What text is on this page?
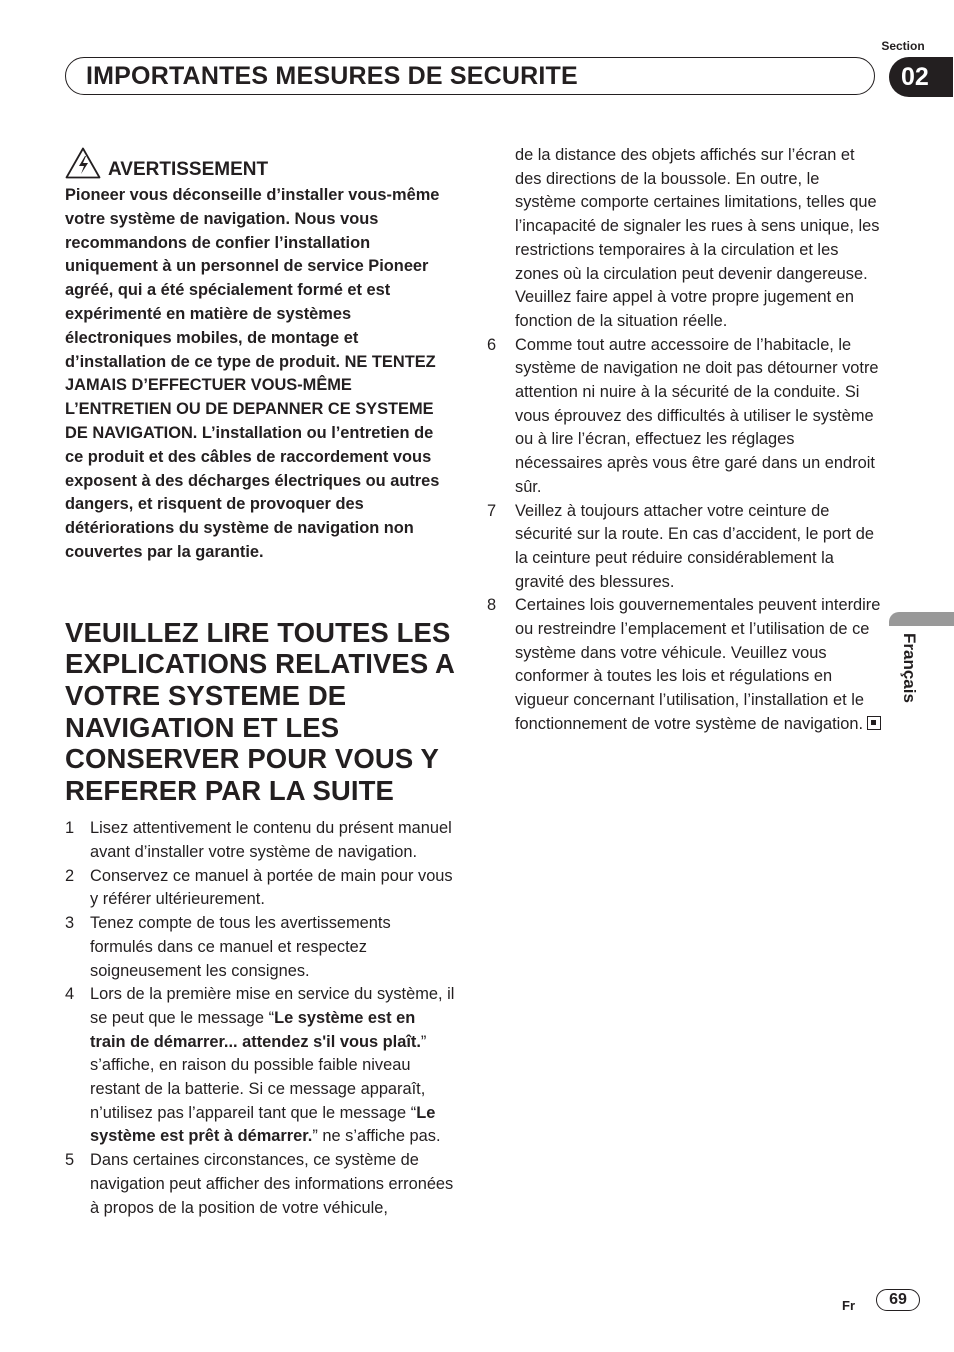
Section
02
IMPORTANTES MESURES DE SECURITE
Français
AVERTISSEMENT

Pioneer vous déconseille d’installer vous-même votre système de navigation. Nous vous recommandons de confier l’installation uniquement à un personnel de service Pioneer agréé, qui a été spécialement formé et est expérimenté en matière de systèmes électroniques mobiles, de montage et d’installation de ce type de produit. NE TENTEZ JAMAIS D’EFFECTUER VOUS-MÊME L’ENTRETIEN OU DE DEPANNER CE SYSTEME DE NAVIGATION. L’installation ou l’entretien de ce produit et des câbles de raccordement vous exposent à des décharges électriques ou autres dangers, et risquent de provoquer des détériorations du système de navigation non couvertes par la garantie.

VEUILLEZ LIRE TOUTES LES EXPLICATIONS RELATIVES A VOTRE SYSTEME DE NAVIGATION ET LES CONSERVER POUR VOUS Y REFERER PAR LA SUITE
1 Lisez attentivement le contenu du présent manuel avant d’installer votre système de navigation.
2 Conservez ce manuel à portée de main pour vous y référer ultérieurement.
3 Tenez compte de tous les avertissements formulés dans ce manuel et respectez soigneusement les consignes.
4 Lors de la première mise en service du système, il se peut que le message “Le système est en train de démarrer... attendez s'il vous plaît.” s’affiche, en raison du possible faible niveau restant de la batterie. Si ce message apparaît, n’utilisez pas l’appareil tant que le message “Le système est prêt à démarrer.” ne s’affiche pas.
5 Dans certaines circonstances, ce système de navigation peut afficher des informations erronées à propos de la position de votre véhicule,

de la distance des objets affichés sur l’écran et des directions de la boussole. En outre, le système comporte certaines limitations, telles que l’incapacité de signaler les rues à sens unique, les restrictions temporaires à la circulation et les zones où la circulation peut devenir dangereuse. Veuillez faire appel à votre propre jugement en fonction de la situation réelle.

6 Comme tout autre accessoire de l’habitacle, le système de navigation ne doit pas détourner votre attention ni nuire à la sécurité de la conduite. Si vous éprouvez des difficultés à utiliser le système ou à lire l’écran, effectuez les réglages nécessaires après vous être garé dans un endroit sûr.
7 Veillez à toujours attacher votre ceinture de sécurité sur la route. En cas d’accident, le port de la ceinture peut réduire considérablement la gravité des blessures.
8 Certaines lois gouvernementales peuvent interdire ou restreindre l’emplacement et l’utilisation de ce système dans votre véhicule. Veuillez vous conformer à toutes les lois et régulations en vigueur concernant l’utilisation, l’installation et le fonctionnement de votre système de navigation.
Fr	69
